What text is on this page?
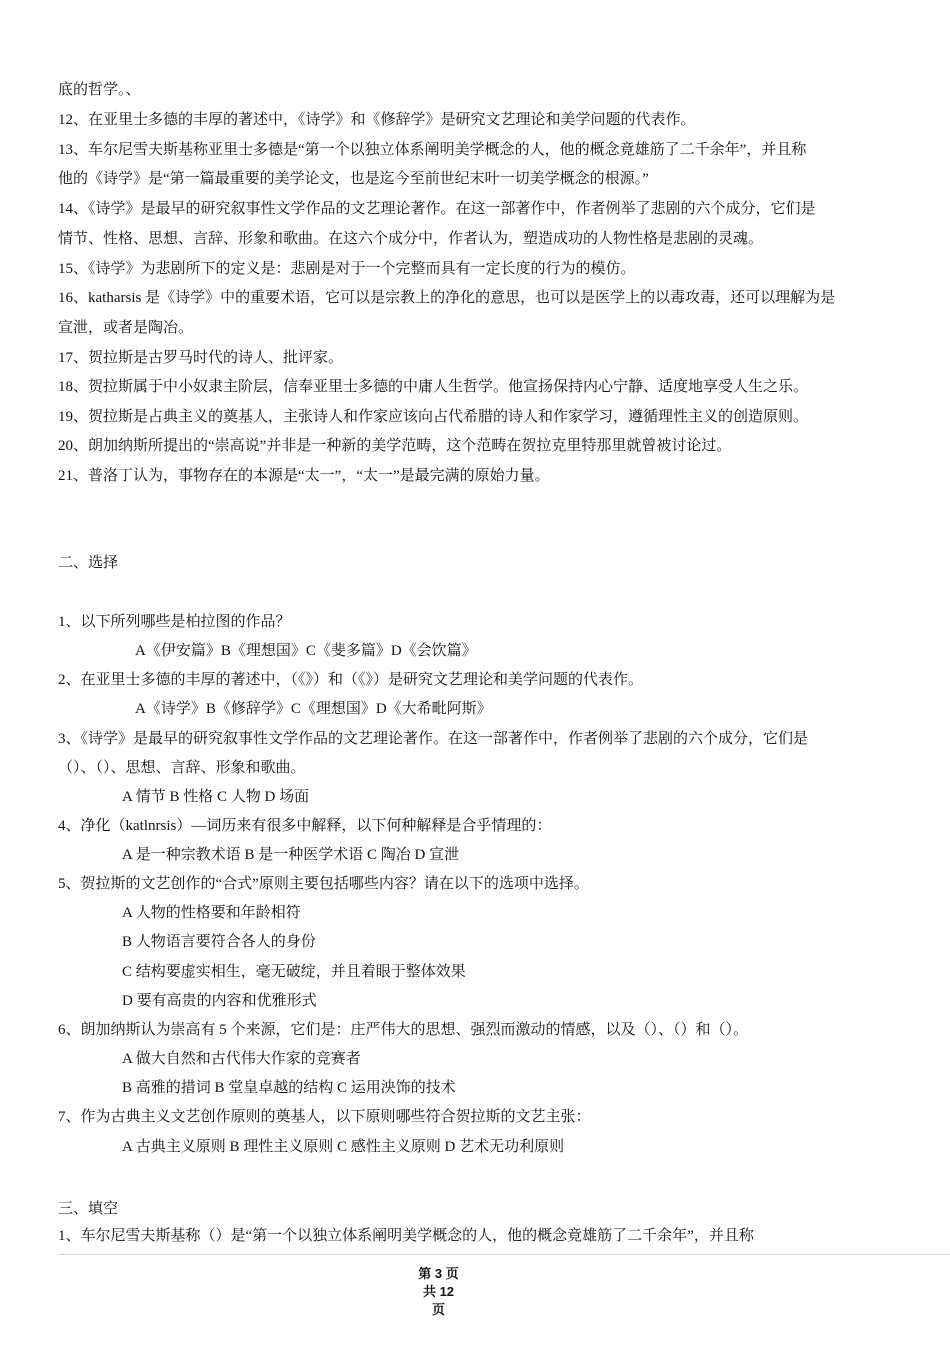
底的哲学。、
12、在亚里士多德的丰厚的著述中，《诗学》和《修辞学》是研究文艺理论和美学问题的代表作。
13、车尔尼雪夫斯基称亚里士多德是“第一个以独立体系阐明美学概念的人，他的概念竟雄筋了二千余年”，并且称
他的《诗学》是“第一篇最重要的美学论文，也是迄今至前世纪末叶一切美学概念的根源。”
14、《诗学》是最早的研究叙事性文学作品的文艺理论著作。在这一部著作中，作者例举了悲剧的六个成分，它们是
情节、性格、思想、言辞、形象和歌曲。在这六个成分中，作者认为，塑造成功的人物性格是悲剧的灵魂。
15、《诗学》为悲剧所下的定义是：悲剧是对于一个完整而具有一定长度的行为的模仿。
16、katharsis 是《诗学》中的重要术语，它可以是宗教上的净化的意思，也可以是医学上的以毒攻毒，还可以理解为是
宣泄，或者是陶冶。
17、贺拉斯是古罗马时代的诗人、批评家。
18、贺拉斯属于中小奴隶主阶层，信奉亚里士多德的中庸人生哲学。他宣扬保持内心宁静、适度地享受人生之乐。
19、贺拉斯是占典主义的奠基人，主张诗人和作家应该向占代希腊的诗人和作家学习，遵循理性主义的创造原则。
20、朗加纳斯所提出的“崇高说”并非是一种新的美学范畴，这个范畴在贺拉克里特那里就曾被讨论过。
21、普洛丁认为，事物存在的本源是“太一”，“太一”是最完满的原始力量。
二、选择
1、以下所列哪些是柏拉图的作品？
A《伊安篇》B《理想国》C《斐多篇》D《会饮篇》
2、在亚里士多德的丰厚的著述中，（《》）和（《》）是研究文艺理论和美学问题的代表作。
A《诗学》B《修辞学》C《理想国》D《大希毗阿斯》
3、《诗学》是最早的研究叙事性文学作品的文艺理论著作。在这一部著作中，作者例举了悲剧的六个成分，它们是
（）、（）、思想、言辞、形象和歌曲。
A 情节 B 性格 C 人物 D 场面
4、净化（katlnrsis）—词历来有很多中解释，以下何种解释是合乎情理的：
A 是一种宗教术语 B 是一种医学术语 C 陶冶 D 宣泄
5、贺拉斯的文艺创作的“合式”原则主要包括哪些内容？请在以下的选项中选择。
A 人物的性格要和年龄相符
B 人物语言要符合各人的身份
C 结构要虚实相生，毫无破绽，并且着眼于整体效果
D 要有高贵的内容和优雅形式
6、朗加纳斯认为崇高有 5 个来源，它们是：庄严伟大的思想、强烈而激动的情感，以及（）、（）和（）。
A 做大自然和古代伟大作家的竞赛者
B 高雅的措词 B 堂皇卓越的结构 C 运用泱饰的技术
7、作为古典主义文艺创作原则的奠基人，以下原则哪些符合贺拉斯的文艺主张：
A 古典主义原则 B 理性主义原则 C 感性主义原则 D 艺术无功利原则
三、填空
1、车尔尼雪夫斯基称（）是“第一个以独立体系阐明美学概念的人，他的概念竟雄筋了二千余年”，并且称
第 3 页
共 12
页
